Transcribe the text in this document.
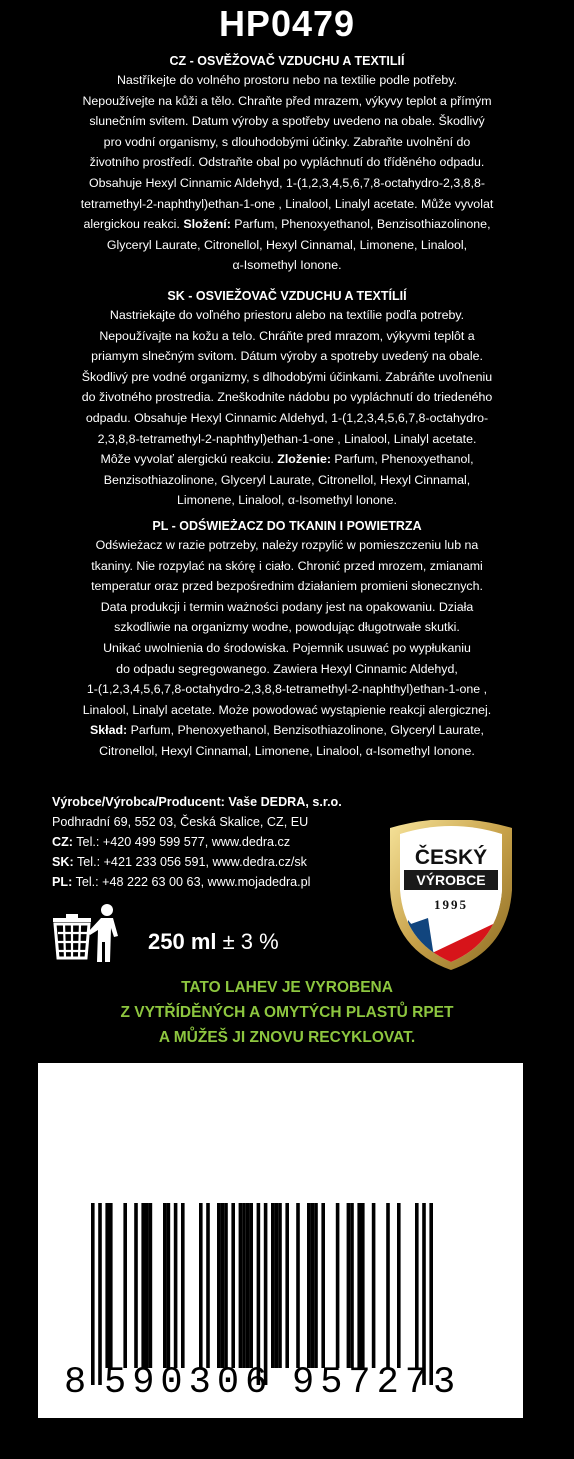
HP0479
CZ - OSVĚŽOVAČ VZDUCHU A TEXTILIÍ
Nastříkejte do volného prostoru nebo na textilie podle potřeby.
Nepoužívejte na kůži a tělo. Chraňte před mrazem, výkyvy teplot a přímým
slunečním svitem. Datum výroby a spotřeby uvedeno na obale. Škodlivý
pro vodní organismy, s dlouhodobými účinky. Zabraňte uvolnění do
životního prostředí. Odstraňte obal po vypláchnutí do tříděného odpadu.
Obsahuje Hexyl Cinnamic Aldehyd, 1-(1,2,3,4,5,6,7,8-octahydro-2,3,8,8-
tetramethyl-2-naphthyl)ethan-1-one , Linalool, Linalyl acetate. Může vyvolat
alergickou reakci. Složení: Parfum, Phenoxyethanol, Benzisothiazolinone,
Glyceryl Laurate, Citronellol, Hexyl Cinnamal, Limonene, Linalool,
α-Isomethyl Ionone.
SK - OSVIEŽOVAČ VZDUCHU A TEXTÍLIÍ
Nastriekajte do voľného priestoru alebo na textílie podľa potreby.
Nepoužívajte na kožu a telo. Chráňte pred mrazom, výkyvmi teplôt a
priamym slnečným svitom. Dátum výroby a spotreby uvedený na obale.
Škodlivý pre vodné organizmy, s dlhodobými účinkami. Zabráňte uvoľneniu
do životného prostredia. Zneškodnite nádobu po vypláchnutí do triedeného
odpadu. Obsahuje Hexyl Cinnamic Aldehyd, 1-(1,2,3,4,5,6,7,8-octahydro-
2,3,8,8-tetramethyl-2-naphthyl)ethan-1-one , Linalool, Linalyl acetate.
Môže vyvolať alergickú reakciu. Zloženie: Parfum, Phenoxyethanol,
Benzisothiazolinone, Glyceryl Laurate, Citronellol, Hexyl Cinnamal,
Limonene, Linalool, α-Isomethyl Ionone.
PL - ODŚWIEŻACZ DO TKANIN I POWIETRZA
Odświeżacz w razie potrzeby, należy rozpylić w pomieszczeniu lub na
tkaniny. Nie rozpylać na skórę i ciało. Chronić przed mrozem, zmianami
temperatur oraz przed bezpośrednim działaniem promieni słonecznych.
Data produkcji i termin ważności podany jest na opakowaniu. Działa
szkodliwie na organizmy wodne, powodując długotrwałe skutki.
Unikać uwolnienia do środowiska. Pojemnik usuwać po wypłukaniu
do odpadu segregowanego. Zawiera Hexyl Cinnamic Aldehyd,
1-(1,2,3,4,5,6,7,8-octahydro-2,3,8,8-tetramethyl-2-naphthyl)ethan-1-one ,
Linalool, Linalyl acetate. Może powodować wystąpienie reakcji alergicznej.
Skład: Parfum, Phenoxyethanol, Benzisothiazolinone, Glyceryl Laurate,
Citronellol, Hexyl Cinnamal, Limonene, Linalool, α-Isomethyl Ionone.
Výrobce/Výrobca/Producent: Vaše DEDRA, s.r.o.
Podhradní 69, 552 03, Česká Skalice, CZ, EU
CZ: Tel.: +420 499 599 577, www.dedra.cz
SK: Tel.: +421 233 056 591, www.dedra.cz/sk
PL: Tel.: +48 222 63 00 63, www.mojadedra.pl
250 ml ± 3 %
ČESKÝ
VÝROBCE
1995
TATO LAHEV JE VYROBENA
Z VYTŘÍDĚNÝCH A OMYTÝCH PLASTŮ RPET
A MŮŽEŠ JI ZNOVU RECYKLOVAT.
8 590306 957273
